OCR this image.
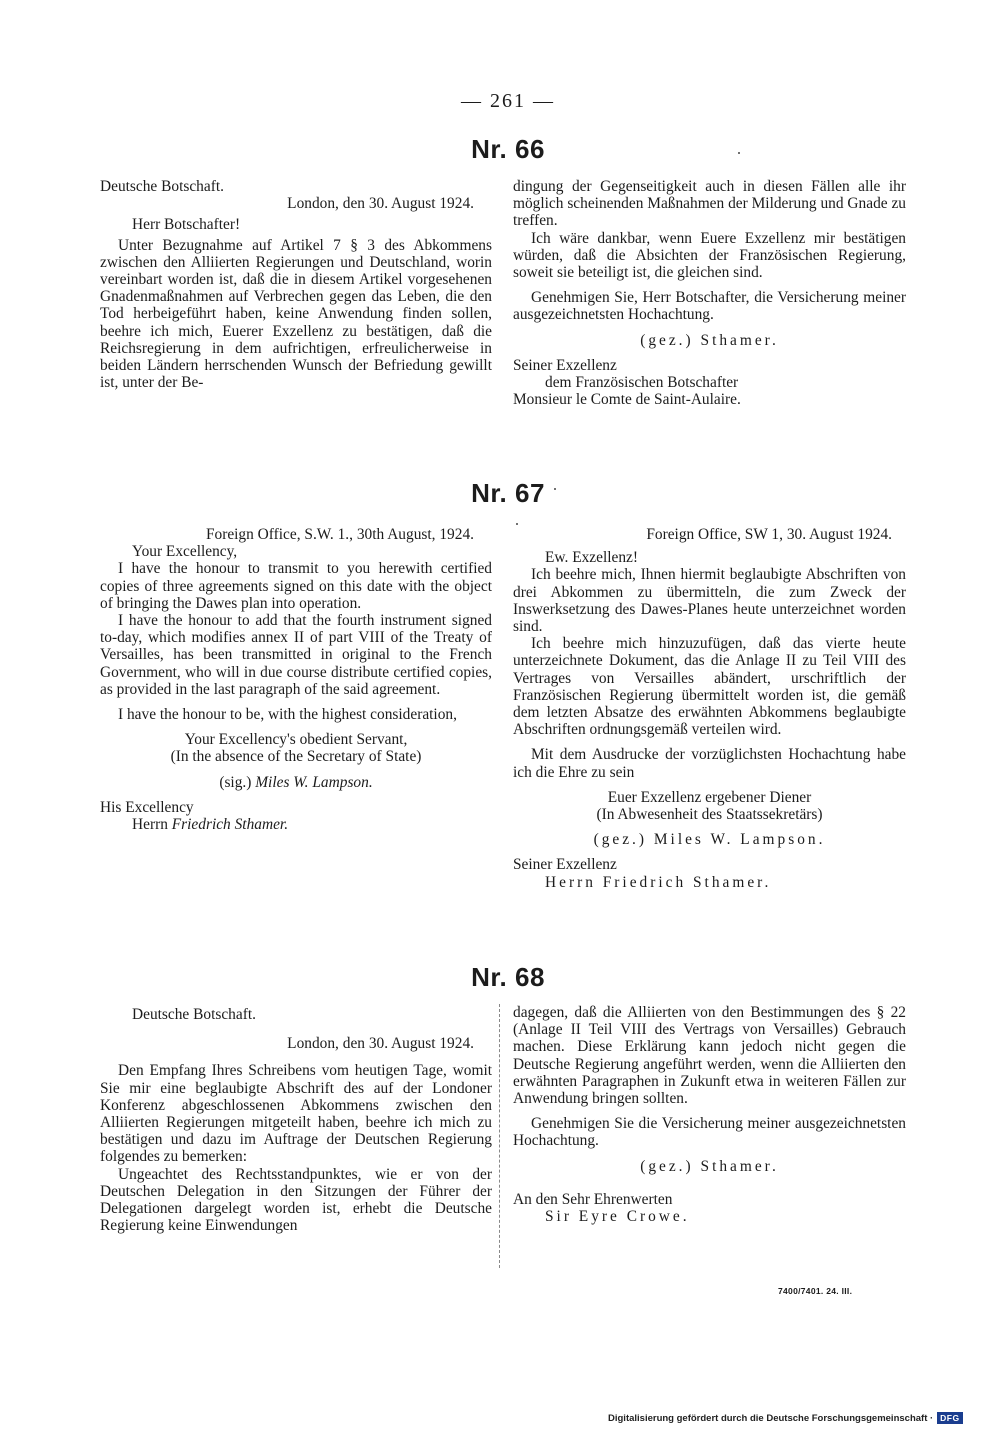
— 261 —
Nr. 66

Deutsche Botschaft.

London, den 30. August 1924.

Herr Botschafter!

Unter Bezugnahme auf Artikel 7 § 3 des Abkommens zwischen den Alliierten Regierungen und Deutschland, worin vereinbart worden ist, daß die in diesem Artikel vorgesehenen Gnadenmaßnahmen auf Verbrechen gegen das Leben, die den Tod herbeigeführt haben, keine Anwendung finden sollen, beehre ich mich, Euerer Exzellenz zu bestätigen, daß die Reichsregierung in dem aufrichtigen, erfreulicherweise in beiden Ländern herrschenden Wunsch der Befriedung gewillt ist, unter der Be-

dingung der Gegenseitigkeit auch in diesen Fällen alle ihr möglich scheinenden Maßnahmen der Milderung und Gnade zu treffen.

Ich wäre dankbar, wenn Euere Exzellenz mir bestätigen würden, daß die Absichten der Französischen Regierung, soweit sie beteiligt ist, die gleichen sind.

Genehmigen Sie, Herr Botschafter, die Versicherung meiner ausgezeichnetsten Hochachtung.

(gez.) Sthamer.

Seiner Exzellenz

dem Französischen Botschafter

Monsieur le Comte de Saint-Aulaire.

Nr. 67

Foreign Office, S.W. 1., 30th August, 1924.

Your Excellency,

I have the honour to transmit to you herewith certified copies of three agreements signed on this date with the object of bringing the Dawes plan into operation.

I have the honour to add that the fourth instrument signed to-day, which modifies annex II of part VIII of the Treaty of Versailles, has been transmitted in original to the French Government, who will in due course distribute certified copies, as provided in the last paragraph of the said agreement.

I have the honour to be, with the highest consideration,

Your Excellency's obedient Servant,

(In the absence of the Secretary of State)

(sig.) Miles W. Lampson.

His Excellency

Herrn Friedrich Sthamer.

Foreign Office, SW 1, 30. August 1924.

Ew. Exzellenz!

Ich beehre mich, Ihnen hiermit beglaubigte Abschriften von drei Abkommen zu übermitteln, die zum Zweck der Inswerksetzung des Dawes-Planes heute unterzeichnet worden sind.

Ich beehre mich hinzuzufügen, daß das vierte heute unterzeichnete Dokument, das die Anlage II zu Teil VIII des Vertrages von Versailles abändert, urschriftlich der Französischen Regierung übermittelt worden ist, die gemäß dem letzten Absatze des erwähnten Abkommens beglaubigte Abschriften ordnungsgemäß verteilen wird.

Mit dem Ausdrucke der vorzüglichsten Hochachtung habe ich die Ehre zu sein

Euer Exzellenz ergebener Diener

(In Abwesenheit des Staatssekretärs)

(gez.) Miles W. Lampson.

Seiner Exzellenz

Herrn Friedrich Sthamer.

Nr. 68

Deutsche Botschaft.

London, den 30. August 1924.

Den Empfang Ihres Schreibens vom heutigen Tage, womit Sie mir eine beglaubigte Abschrift des auf der Londoner Konferenz abgeschlossenen Abkommens zwischen den Alliierten Regierungen mitgeteilt haben, beehre ich mich zu bestätigen und dazu im Auftrage der Deutschen Regierung folgendes zu bemerken:

Ungeachtet des Rechtsstandpunktes, wie er von der Deutschen Delegation in den Sitzungen der Führer der Delegationen dargelegt worden ist, erhebt die Deutsche Regierung keine Einwendungen

dagegen, daß die Alliierten von den Bestimmungen des § 22 (Anlage II Teil VIII des Vertrags von Versailles) Gebrauch machen. Diese Erklärung kann jedoch nicht gegen die Deutsche Regierung angeführt werden, wenn die Alliierten den erwähnten Paragraphen in Zukunft etwa in weiteren Fällen zur Anwendung bringen sollten.

Genehmigen Sie die Versicherung meiner ausgezeichnetsten Hochachtung.

(gez.) Sthamer.

An den Sehr Ehrenwerten

Sir Eyre Crowe.

7400/7401. 24. III.
Digitalisierung gefördert durch die Deutsche Forschungsgemeinschaft · DFG
